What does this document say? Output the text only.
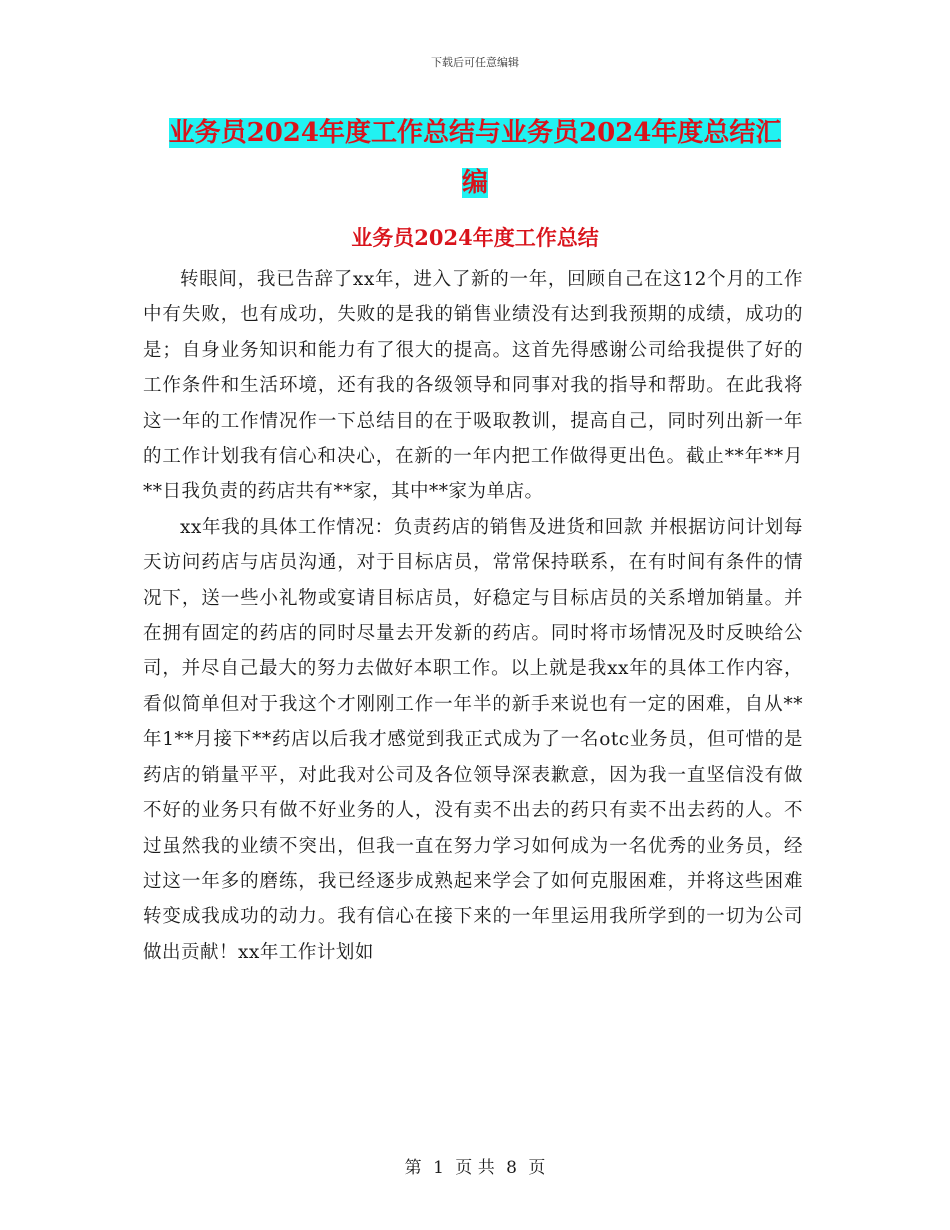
下载后可任意编辑
业务员2024年度工作总结与业务员2024年度总结汇
编
业务员2024年度工作总结

转眼间，我已告辞了xx年，进入了新的一年，回顾自己在这12个月的工作中有失败，也有成功，失败的是我的销售业绩没有达到我预期的成绩，成功的是；自身业务知识和能力有了很大的提高。这首先得感谢公司给我提供了好的工作条件和生活环境，还有我的各级领导和同事对我的指导和帮助。在此我将这一年的工作情况作一下总结目的在于吸取教训，提高自己，同时列出新一年的工作计划我有信心和决心，在新的一年内把工作做得更出色。截止**年**月**日我负责的药店共有**家，其中**家为单店。

xx年我的具体工作情况：负责药店的销售及进货和回款 并根据访问计划每天访问药店与店员沟通，对于目标店员，常常保持联系，在有时间有条件的情况下，送一些小礼物或宴请目标店员，好稳定与目标店员的关系增加销量。并在拥有固定的药店的同时尽量去开发新的药店。同时将市场情况及时反映给公司，并尽自己最大的努力去做好本职工作。以上就是我xx年的具体工作内容，看似简单但对于我这个才刚刚工作一年半的新手来说也有一定的困难，自从**年1**月接下**药店以后我才感觉到我正式成为了一名otc业务员，但可惜的是药店的销量平平，对此我对公司及各位领导深表歉意，因为我一直坚信没有做不好的业务只有做不好业务的人，没有卖不出去的药只有卖不出去药的人。不过虽然我的业绩不突出，但我一直在努力学习如何成为一名优秀的业务员，经过这一年多的磨练，我已经逐步成熟起来学会了如何克服困难，并将这些困难转变成我成功的动力。我有信心在接下来的一年里运用我所学到的一切为公司做出贡献！xx年工作计划如

第 1 页 共 8 页
